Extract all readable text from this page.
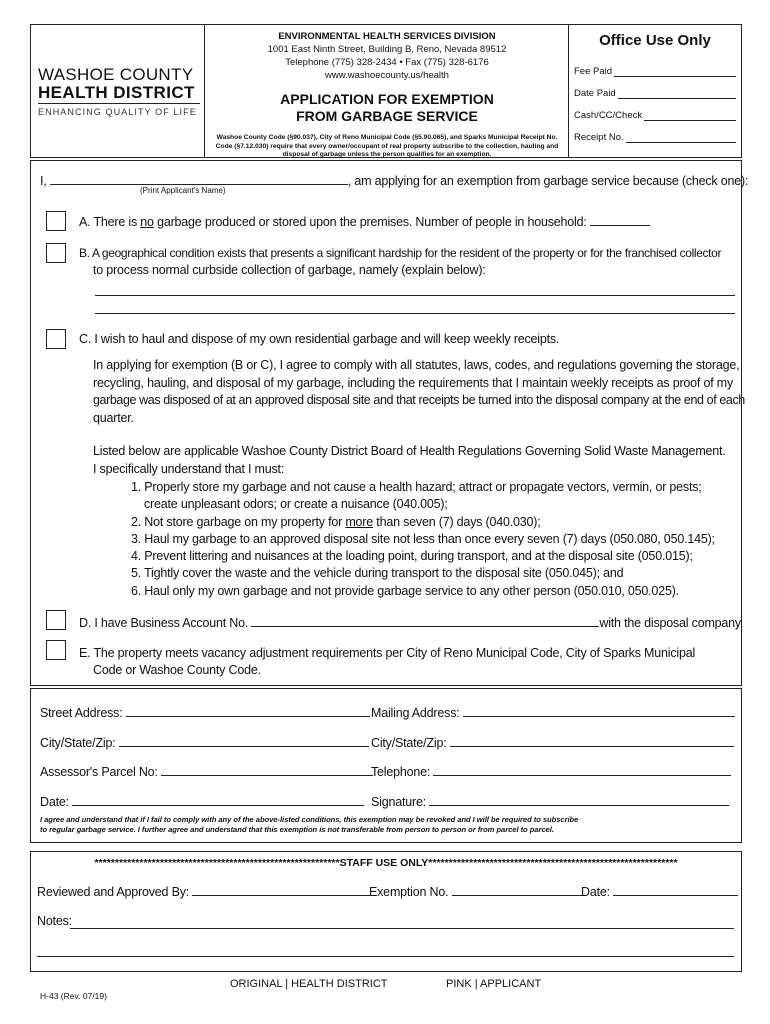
WASHOE COUNTY
HEALTH DISTRICT
ENHANCING QUALITY OF LIFE
ENVIRONMENTAL HEALTH SERVICES DIVISION
1001 East Ninth Street, Building B, Reno, Nevada 89512
Telephone (775) 328-2434 • Fax (775) 328-6176
www.washoecounty.us/health
APPLICATION FOR EXEMPTION
FROM GARBAGE SERVICE
Washoe County Code (§90.037), City of Reno Municipal Code (§5.90.065), and Sparks Municipal Receipt No. Code (§7.12.030) require that every owner/occupant of real property subscribe to the collection, hauling and disposal of garbage unless the person qualifies for an exemption.
Office Use Only
Fee Paid
Date Paid
Cash/CC/Check
Receipt No.
I,	, am applying for an exemption from garbage service because (check one):
(Print Applicant's Name)
A. There is no garbage produced or stored upon the premises. Number of people in household:
B. A geographical condition exists that presents a significant hardship for the resident of the property or for the franchised collector
to process normal curbside collection of garbage, namely (explain below):
C. I wish to haul and dispose of my own residential garbage and will keep weekly receipts.
In applying for exemption (B or C), I agree to comply with all statutes, laws, codes, and regulations governing the storage,
recycling, hauling, and disposal of my garbage, including the requirements that I maintain weekly receipts as proof of my
garbage was disposed of at an approved disposal site and that receipts be turned into the disposal company at the end of each
quarter.
Listed below are applicable Washoe County District Board of Health Regulations Governing Solid Waste Management.
I specifically understand that I must:
1. Properly store my garbage and not cause a health hazard; attract or propagate vectors, vermin, or pests;
create unpleasant odors; or create a nuisance (040.005);
2. Not store garbage on my property for more than seven (7) days (040.030);
3. Haul my garbage to an approved disposal site not less than once every seven (7) days (050.080, 050.145);
4. Prevent littering and nuisances at the loading point, during transport, and at the disposal site (050.015);
5. Tightly cover the waste and the vehicle during transport to the disposal site (050.045); and
6. Haul only my own garbage and not provide garbage service to any other person (050.010, 050.025).
D. I have Business Account No.	with the disposal company.
E. The property meets vacancy adjustment requirements per City of Reno Municipal Code, City of Sparks Municipal
Code or Washoe County Code.
Street Address:	Mailing Address:
City/State/Zip:	City/State/Zip:
Assessor's Parcel No:	Telephone:
Date:	Signature:
I agree and understand that if I fail to comply with any of the above-listed conditions, this exemption may be revoked and I will be required to subscribe
to regular garbage service. I further agree and understand that this exemption is not transferable from person to person or from parcel to parcel.
************************************************************STAFF USE ONLY*************************************************************
Reviewed and Approved By:	Exemption No.	Date:
Notes:
ORIGINAL | HEALTH DISTRICT	PINK | APPLICANT
H-43 (Rev. 07/19)
